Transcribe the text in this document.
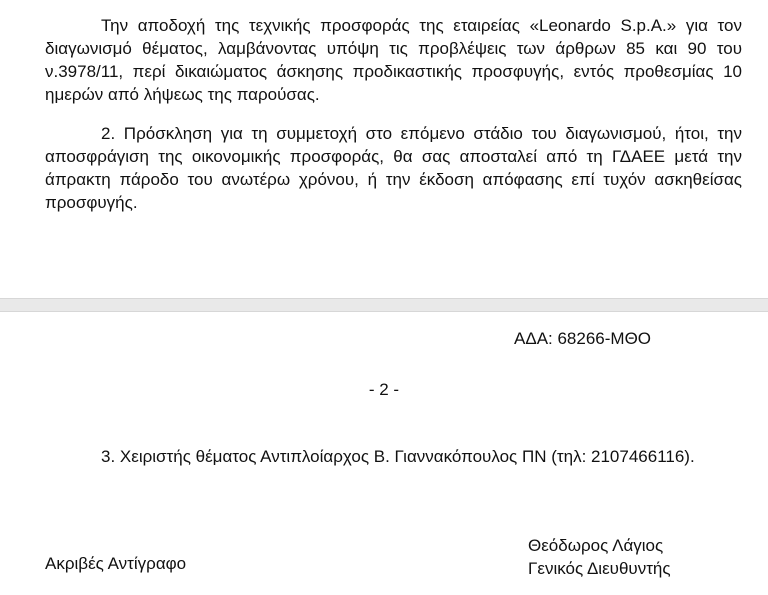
Την αποδοχή της τεχνικής προσφοράς της εταιρείας «Leonardo S.p.A.» για τον διαγωνισμό θέματος, λαμβάνοντας υπόψη τις προβλέψεις των άρθρων 85 και 90 του ν.3978/11, περί δικαιώματος άσκησης προδικαστικής προσφυγής, εντός προθεσμίας 10 ημερών από λήψεως της παρούσας.

2. Πρόσκληση για τη συμμετοχή στο επόμενο στάδιο του διαγωνισμού, ήτοι, την αποσφράγιση της οικονομικής προσφοράς, θα σας αποσταλεί από τη ΓΔΑΕΕ μετά την άπρακτη πάροδο του ανωτέρω χρόνου, ή την έκδοση απόφασης επί τυχόν ασκηθείσας προσφυγής.

ΑΔΑ: 68266-ΜΘΟ
- 2 -

3. Χειριστής θέματος Αντιπλοίαρχος Β. Γιαννακόπουλος ΠΝ (τηλ: 2107466116).

Θεόδωρος Λάγιος
Γενικός Διευθυντής
Ακριβές Αντίγραφο
